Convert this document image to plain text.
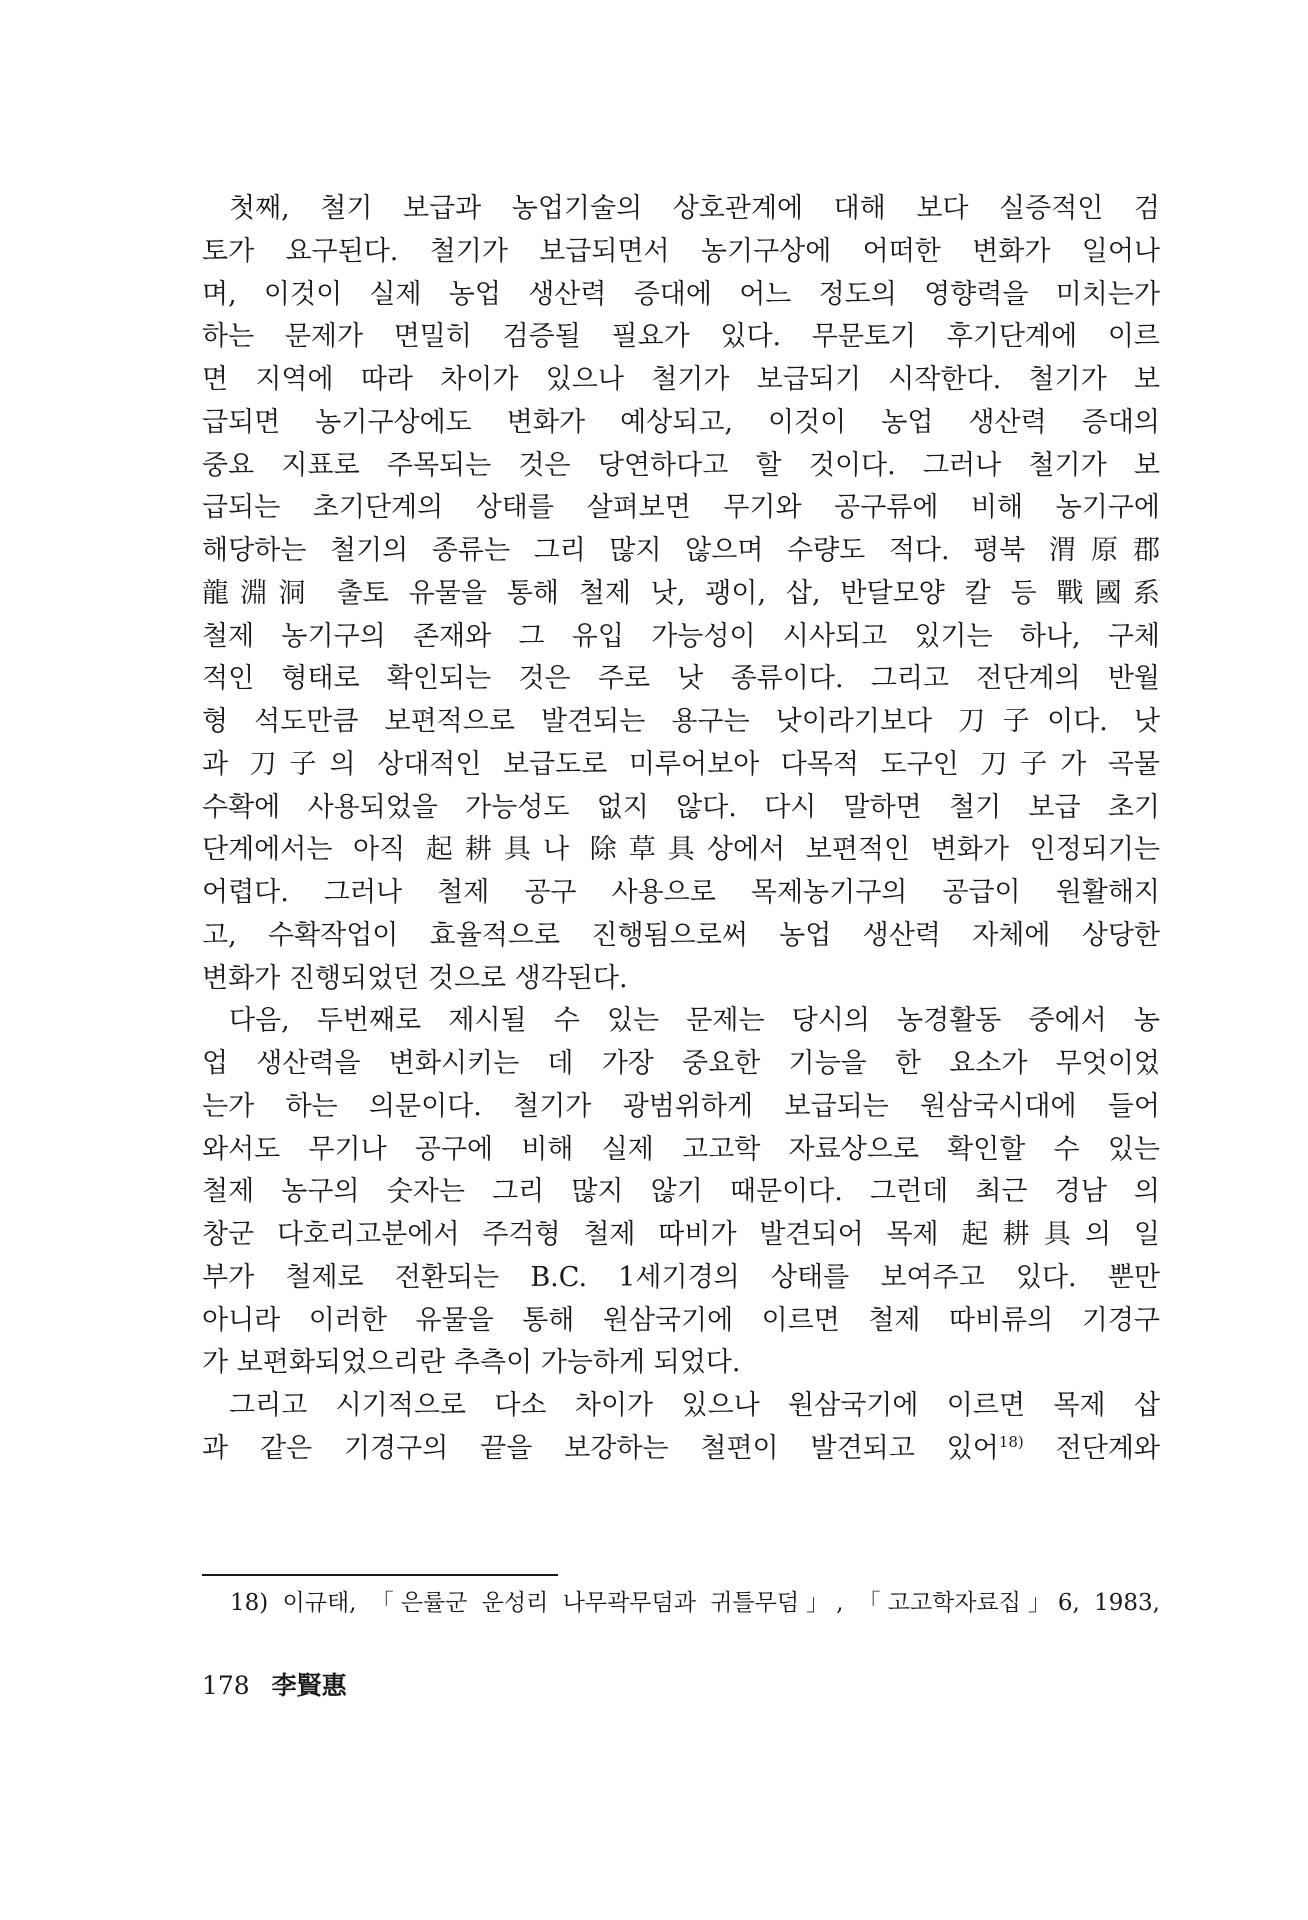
첫째, 철기 보급과 농업기술의 상호관계에 대해 보다 실증적인 검
토가 요구된다. 철기가 보급되면서 농기구상에 어떠한 변화가 일어나
며, 이것이 실제 농업 생산력 증대에 어느 정도의 영향력을 미치는가
하는 문제가 면밀히 검증될 필요가 있다. 무문토기 후기단계에 이르
면 지역에 따라 차이가 있으나 철기가 보급되기 시작한다. 철기가 보
급되면 농기구상에도 변화가 예상되고, 이것이 농업 생산력 증대의
중요 지표로 주목되는 것은 당연하다고 할 것이다. 그러나 철기가 보
급되는 초기단계의 상태를 살펴보면 무기와 공구류에 비해 농기구에
해당하는 철기의 종류는 그리 많지 않으며 수량도 적다. 평북 渭原郡
龍淵洞 출토 유물을 통해 철제 낫, 괭이, 삽, 반달모양 칼 등 戰國系
철제 농기구의 존재와 그 유입 가능성이 시사되고 있기는 하나, 구체
적인 형태로 확인되는 것은 주로 낫 종류이다. 그리고 전단계의 반월
형 석도만큼 보편적으로 발견되는 용구는 낫이라기보다 刀子이다. 낫
과 刀子의 상대적인 보급도로 미루어보아 다목적 도구인 刀子가 곡물
수확에 사용되었을 가능성도 없지 않다. 다시 말하면 철기 보급 초기
단계에서는 아직 起耕具나 除草具상에서 보편적인 변화가 인정되기는
어렵다. 그러나 철제 공구 사용으로 목제농기구의 공급이 원활해지
고, 수확작업이 효율적으로 진행됨으로써 농업 생산력 자체에 상당한
변화가 진행되었던 것으로 생각된다.
다음, 두번째로 제시될 수 있는 문제는 당시의 농경활동 중에서 농
업 생산력을 변화시키는 데 가장 중요한 기능을 한 요소가 무엇이었
는가 하는 의문이다. 철기가 광범위하게 보급되는 원삼국시대에 들어
와서도 무기나 공구에 비해 실제 고고학 자료상으로 확인할 수 있는
철제 농구의 숫자는 그리 많지 않기 때문이다. 그런데 최근 경남 의
창군 다호리고분에서 주걱형 철제 따비가 발견되어 목제 起耕具의 일
부가 철제로 전환되는 B.C. 1세기경의 상태를 보여주고 있다. 뿐만
아니라 이러한 유물을 통해 원삼국기에 이르면 철제 따비류의 기경구
가 보편화되었으리란 추측이 가능하게 되었다.
그리고 시기적으로 다소 차이가 있으나 원삼국기에 이르면 목제 삽
과 같은 기경구의 끝을 보강하는 철편이 발견되고 있어$^{18)}$ 전단계와
18) 이규태, 「은률군 운성리 나무곽무덤과 귀틀무덤」, 「고고학자료집」6, 1983,
178 李賢惠
